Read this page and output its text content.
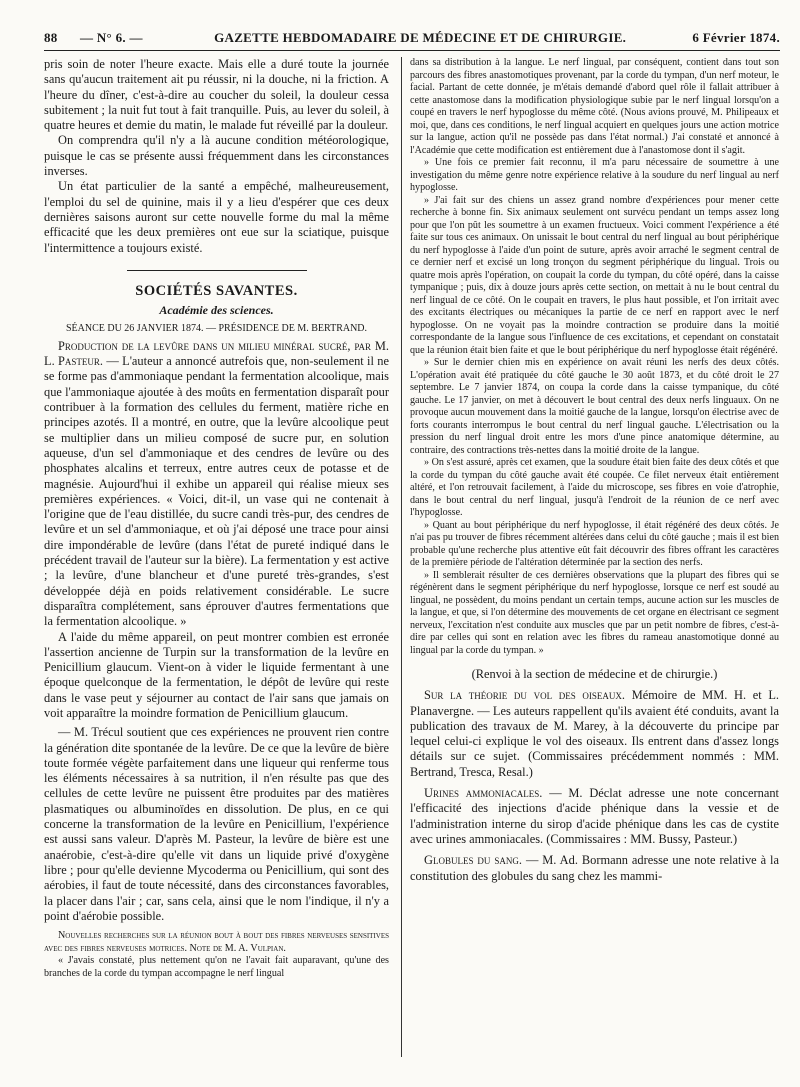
88	— N° 6. —	GAZETTE HEBDOMADAIRE DE MÉDECINE ET DE CHIRURGIE.	6 Février 1874.

pris soin de noter l'heure exacte. Mais elle a duré toute la journée sans qu'aucun traitement ait pu réussir, ni la douche, ni la friction. A l'heure du dîner, c'est-à-dire au coucher du soleil, la douleur cessa subitement ; la nuit fut tout à fait tranquille. Puis, au lever du soleil, à quatre heures et demie du matin, le malade fut réveillé par la douleur.

On comprendra qu'il n'y a là aucune condition météorologique, puisque le cas se présente aussi fréquemment dans les circonstances inverses.

Un état particulier de la santé a empêché, malheureusement, l'emploi du sel de quinine, mais il y a lieu d'espérer que ces deux dernières saisons auront sur cette nouvelle forme du mal la même efficacité que les deux premières ont eue sur la sciatique, puisque l'intermittence a toujours existé.

SOCIÉTÉS SAVANTES.
Académie des sciences.
SÉANCE DU 26 JANVIER 1874. — PRÉSIDENCE DE M. BERTRAND.

Production de la levûre dans un milieu minéral sucré, par M. L. Pasteur. — L'auteur a annoncé autrefois que, non-seulement il ne se forme pas d'ammoniaque pendant la fermentation alcoolique, mais que l'ammoniaque ajoutée à des moûts en fermentation disparaît pour contribuer à la formation des cellules du ferment, matière riche en principes azotés. Il a montré, en outre, que la levûre alcoolique peut se multiplier dans un milieu composé de sucre pur, en solution aqueuse, d'un sel d'ammoniaque et des cendres de levûre ou des phosphates alcalins et terreux, entre autres ceux de potasse et de magnésie. Aujourd'hui il exhibe un appareil qui réalise mieux ses premières expériences. « Voici, dit-il, un vase qui ne contenait à l'origine que de l'eau distillée, du sucre candi très-pur, des cendres de levûre et un sel d'ammoniaque, et où j'ai déposé une trace pour ainsi dire impondérable de levûre (dans l'état de pureté indiqué dans le précédent travail de l'auteur sur la bière). La fermentation y est active ; la levûre, d'une blancheur et d'une pureté très-grandes, s'est développée déjà en poids relativement considérable. Le sucre disparaîtra complétement, sans éprouver d'autres fermentations que la fermentation alcoolique. »

A l'aide du même appareil, on peut montrer combien est erronée l'assertion ancienne de Turpin sur la transformation de la levûre en Penicillium glaucum. Vient-on à vider le liquide fermentant à une époque quelconque de la fermentation, le dépôt de levûre qui reste dans le vase peut y séjourner au contact de l'air sans que jamais on voit apparaître la moindre formation de Penicillium glaucum.

— M. Trécul soutient que ces expériences ne prouvent rien contre la génération dite spontanée de la levûre. De ce que la levûre de bière toute formée végète parfaitement dans une liqueur qui renferme tous les éléments nécessaires à sa nutrition, il n'en résulte pas que des cellules de cette levûre ne puissent être produites par des matières plasmatiques ou albuminoïdes en dissolution. De plus, en ce qui concerne la transformation de la levûre en Penicillium, l'expérience est aussi sans valeur. D'après M. Pasteur, la levûre de bière est une anaérobie, c'est-à-dire qu'elle vit dans un liquide privé d'oxygène libre ; pour qu'elle devienne Mycoderma ou Penicillium, qui sont des aérobies, il faut de toute nécessité, dans des circonstances favorables, la placer dans l'air ; car, sans cela, ainsi que le nom l'indique, il n'y a point d'aérobie possible.

Nouvelles recherches sur la réunion bout à bout des fibres nerveuses sensitives avec des fibres nerveuses motrices. Note de M. A. Vulpian.

« J'avais constaté, plus nettement qu'on ne l'avait fait auparavant, qu'une des branches de la corde du tympan accompagne le nerf lingual

dans sa distribution à la langue. Le nerf lingual, par conséquent, contient dans tout son parcours des fibres anastomotiques provenant, par la corde du tympan, d'un nerf moteur, le facial. Partant de cette donnée, je m'étais demandé d'abord quel rôle il fallait attribuer à cette anastomose dans la modification physiologique subie par le nerf lingual lorsqu'on a coupé en travers le nerf hypoglosse du même côté. (Nous avions prouvé, M. Philipeaux et moi, que, dans ces conditions, le nerf lingual acquiert en quelques jours une action motrice sur la langue, action qu'il ne possède pas dans l'état normal.) J'ai constaté et annoncé à l'Académie que cette modification est entièrement due à l'anastomose dont il s'agit.

» Une fois ce premier fait reconnu, il m'a paru nécessaire de soumettre à une investigation du même genre notre expérience relative à la soudure du nerf lingual au nerf hypoglosse.

» J'ai fait sur des chiens un assez grand nombre d'expériences pour mener cette recherche à bonne fin. Six animaux seulement ont survécu pendant un temps assez long pour que l'on pût les soumettre à un examen fructueux. Voici comment l'expérience a été faite sur tous ces animaux. On unissait le bout central du nerf lingual au bout périphérique du nerf hypoglosse à l'aide d'un point de suture, après avoir arraché le segment central de ce dernier nerf et excisé un long tronçon du segment périphérique du lingual. Trois ou quatre mois après l'opération, on coupait la corde du tympan, du côté opéré, dans la caisse tympanique ; puis, dix à douze jours après cette section, on mettait à nu le bout central du nerf lingual de ce côté. On le coupait en travers, le plus haut possible, et l'on irritait avec des excitants électriques ou mécaniques la partie de ce nerf en rapport avec le nerf hypoglosse. On ne voyait pas la moindre contraction se produire dans la moitié correspondante de la langue sous l'influence de ces excitations, et cependant on constatait que la réunion était bien faite et que le bout périphérique du nerf hypoglosse était régénéré.

» Sur le dernier chien mis en expérience on avait réuni les nerfs des deux côtés. L'opération avait été pratiquée du côté gauche le 30 août 1873, et du côté droit le 27 septembre. Le 7 janvier 1874, on coupa la corde dans la caisse tympanique, du côté gauche. Le 17 janvier, on met à découvert le bout central des deux nerfs linguaux. On ne provoque aucun mouvement dans la moitié gauche de la langue, lorsqu'on électrise avec de forts courants interrompus le bout central du nerf lingual gauche. L'électrisation ou la pression du nerf lingual droit entre les mors d'une pince anatomique détermine, au contraire, des contractions très-nettes dans la moitié droite de la langue.

» On s'est assuré, après cet examen, que la soudure était bien faite des deux côtés et que la corde du tympan du côté gauche avait été coupée. Ce filet nerveux était entièrement altéré, et l'on retrouvait facilement, à l'aide du microscope, ses fibres en voie d'atrophie, dans le bout central du nerf lingual, jusqu'à l'endroit de la réunion de ce nerf avec l'hypoglosse.

» Quant au bout périphérique du nerf hypoglosse, il était régénéré des deux côtés. Je n'ai pas pu trouver de fibres récemment altérées dans celui du côté gauche ; mais il est bien probable qu'une recherche plus attentive eût fait découvrir des fibres offrant les caractères de la première période de l'altération déterminée par la section des nerfs.

» Il semblerait résulter de ces dernières observations que la plupart des fibres qui se régénèrent dans le segment périphérique du nerf hypoglosse, lorsque ce nerf est soudé au lingual, ne possèdent, du moins pendant un certain temps, aucune action sur les muscles de la langue, et que, si l'on détermine des mouvements de cet organe en électrisant ce segment nerveux, l'excitation n'est conduite aux muscles que par un petit nombre de fibres, c'est-à-dire par celles qui sont en relation avec les fibres du rameau anastomotique donné au lingual par la corde du tympan. »

(Renvoi à la section de médecine et de chirurgie.)

Sur la théorie du vol des oiseaux. Mémoire de MM. H. et L. Planavergne. — Les auteurs rappellent qu'ils avaient été conduits, avant la publication des travaux de M. Marey, à la découverte du principe par lequel celui-ci explique le vol des oiseaux. Ils entrent dans d'assez longs détails sur ce sujet. (Commissaires précédemment nommés : MM. Bertrand, Tresca, Resal.)

Urines ammoniacales. — M. Déclat adresse une note concernant l'efficacité des injections d'acide phénique dans la vessie et de l'administration interne du sirop d'acide phénique dans les cas de cystite avec urines ammoniacales. (Commissaires : MM. Bussy, Pasteur.)

Globules du sang. — M. Ad. Bormann adresse une note relative à la constitution des globules du sang chez les mammi-
